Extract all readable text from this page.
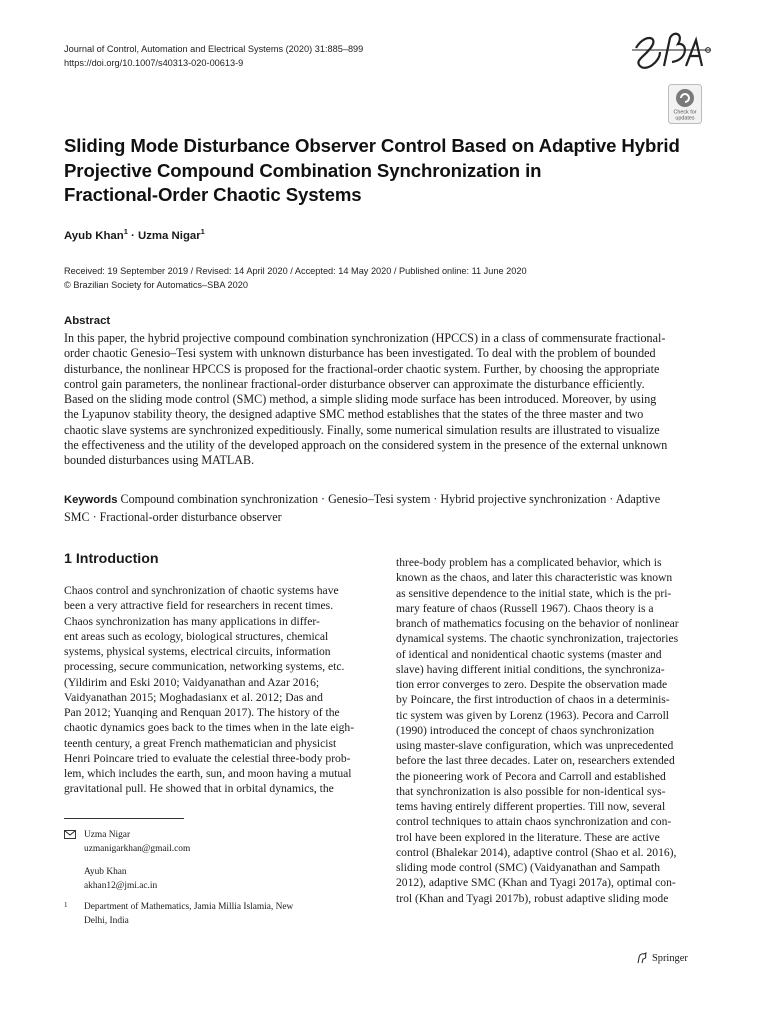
Journal of Control, Automation and Electrical Systems (2020) 31:885–899
https://doi.org/10.1007/s40313-020-00613-9
Check for
updates
Sliding Mode Disturbance Observer Control Based on Adaptive Hybrid
Projective Compound Combination Synchronization in
Fractional-Order Chaotic Systems
Ayub Khan$^1$ · Uzma Nigar$^1$
Received: 19 September 2019 / Revised: 14 April 2020 / Accepted: 14 May 2020 / Published online: 11 June 2020
© Brazilian Society for Automatics–SBA 2020
Abstract
In this paper, the hybrid projective compound combination synchronization (HPCCS) in a class of commensurate fractional-
order chaotic Genesio–Tesi system with unknown disturbance has been investigated. To deal with the problem of bounded
disturbance, the nonlinear HPCCS is proposed for the fractional-order chaotic system. Further, by choosing the appropriate
control gain parameters, the nonlinear fractional-order disturbance observer can approximate the disturbance efficiently.
Based on the sliding mode control (SMC) method, a simple sliding mode surface has been introduced. Moreover, by using
the Lyapunov stability theory, the designed adaptive SMC method establishes that the states of the three master and two
chaotic slave systems are synchronized expeditiously. Finally, some numerical simulation results are illustrated to visualize
the effectiveness and the utility of the developed approach on the considered system in the presence of the external unknown
bounded disturbances using MATLAB.
Keywords Compound combination synchronization · Genesio–Tesi system · Hybrid projective synchronization · Adaptive
SMC · Fractional-order disturbance observer
1 Introduction
Chaos control and synchronization of chaotic systems have
been a very attractive field for researchers in recent times.
Chaos synchronization has many applications in differ-
ent areas such as ecology, biological structures, chemical
systems, physical systems, electrical circuits, information
processing, secure communication, networking systems, etc.
(Yildirim and Eski 2010; Vaidyanathan and Azar 2016;
Vaidyanathan 2015; Moghadasianx et al. 2012; Das and
Pan 2012; Yuanqing and Renquan 2017). The history of the
chaotic dynamics goes back to the times when in the late eigh-
teenth century, a great French mathematician and physicist
Henri Poincare tried to evaluate the celestial three-body prob-
lem, which includes the earth, sun, and moon having a mutual
gravitational pull. He showed that in orbital dynamics, the
three-body problem has a complicated behavior, which is
known as the chaos, and later this characteristic was known
as sensitive dependence to the initial state, which is the pri-
mary feature of chaos (Russell 1967). Chaos theory is a
branch of mathematics focusing on the behavior of nonlinear
dynamical systems. The chaotic synchronization, trajectories
of identical and nonidentical chaotic systems (master and
slave) having different initial conditions, the synchroniza-
tion error converges to zero. Despite the observation made
by Poincare, the first introduction of chaos in a determinis-
tic system was given by Lorenz (1963). Pecora and Carroll
(1990) introduced the concept of chaos synchronization
using master-slave configuration, which was unprecedented
before the last three decades. Later on, researchers extended
the pioneering work of Pecora and Carroll and established
that synchronization is also possible for non-identical sys-
tems having entirely different properties. Till now, several
control techniques to attain chaos synchronization and con-
trol have been explored in the literature. These are active
control (Bhalekar 2014), adaptive control (Shao et al. 2016),
sliding mode control (SMC) (Vaidyanathan and Sampath
2012), adaptive SMC (Khan and Tyagi 2017a), optimal con-
trol (Khan and Tyagi 2017b), robust adaptive sliding mode
Uzma Nigar
uzmanigarkhan@gmail.com
Ayub Khan
akhan12@jmi.ac.in
1 Department of Mathematics, Jamia Millia Islamia, New
Delhi, India
Springer
